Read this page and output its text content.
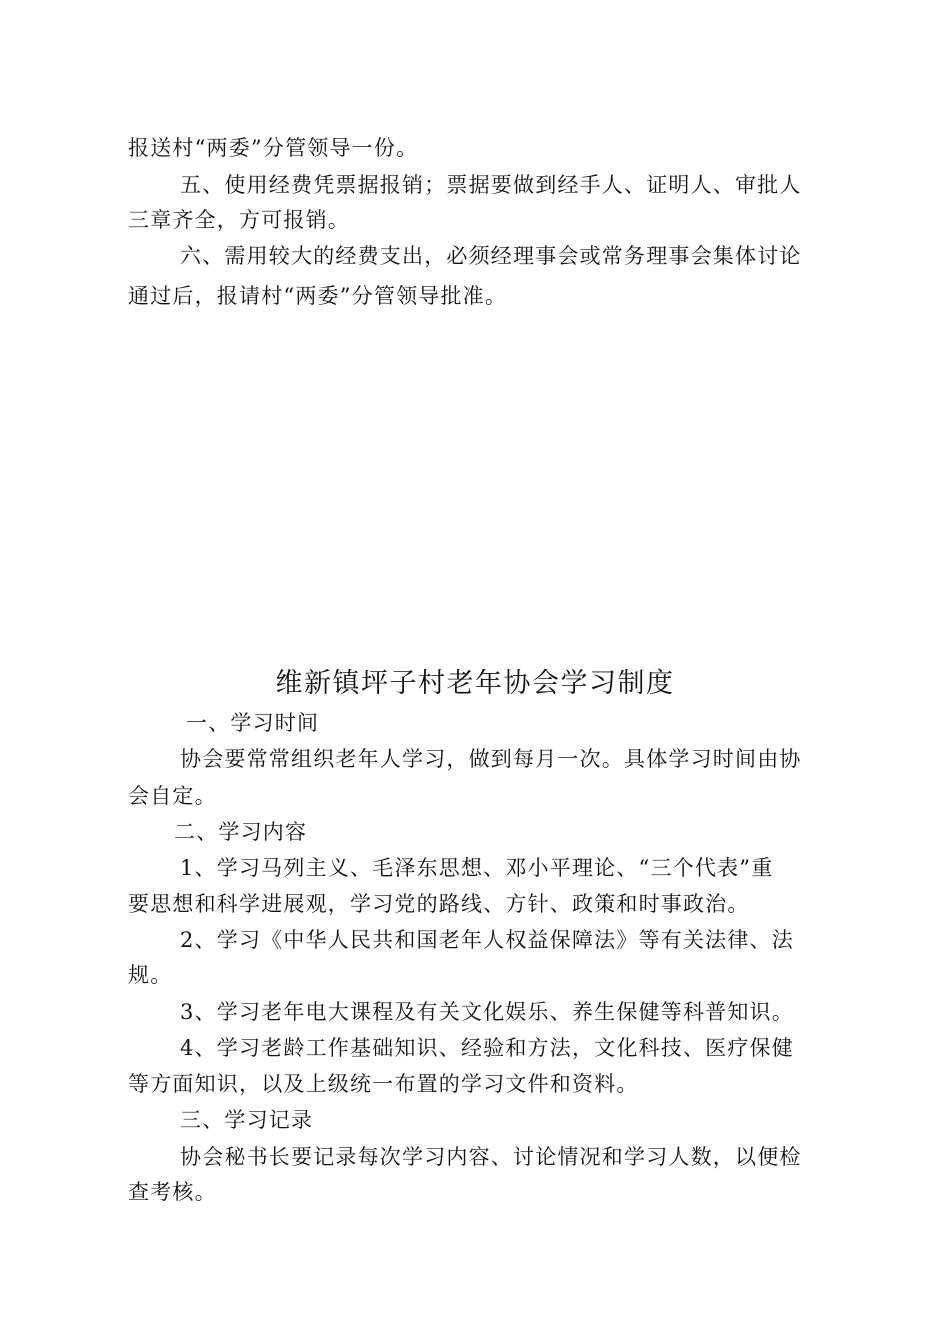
报送村“两委”分管领导一份。
五、使用经费凭票据报销；票据要做到经手人、证明人、审批人
三章齐全，方可报销。
六、需用较大的经费支出，必须经理事会或常务理事会集体讨论
通过后，报请村“两委”分管领导批准。
维新镇坪子村老年协会学习制度
一、学习时间
协会要常常组织老年人学习，做到每月一次。具体学习时间由协
会自定。
二、学习内容
1、学习马列主义、毛泽东思想、邓小平理论、“三个代表”重
要思想和科学进展观，学习党的路线、方针、政策和时事政治。
2、学习《中华人民共和国老年人权益保障法》等有关法律、法
规。
3、学习老年电大课程及有关文化娱乐、养生保健等科普知识。
4、学习老龄工作基础知识、经验和方法，文化科技、医疗保健
等方面知识，以及上级统一布置的学习文件和资料。
三、学习记录
协会秘书长要记录每次学习内容、讨论情况和学习人数，以便检
查考核。
